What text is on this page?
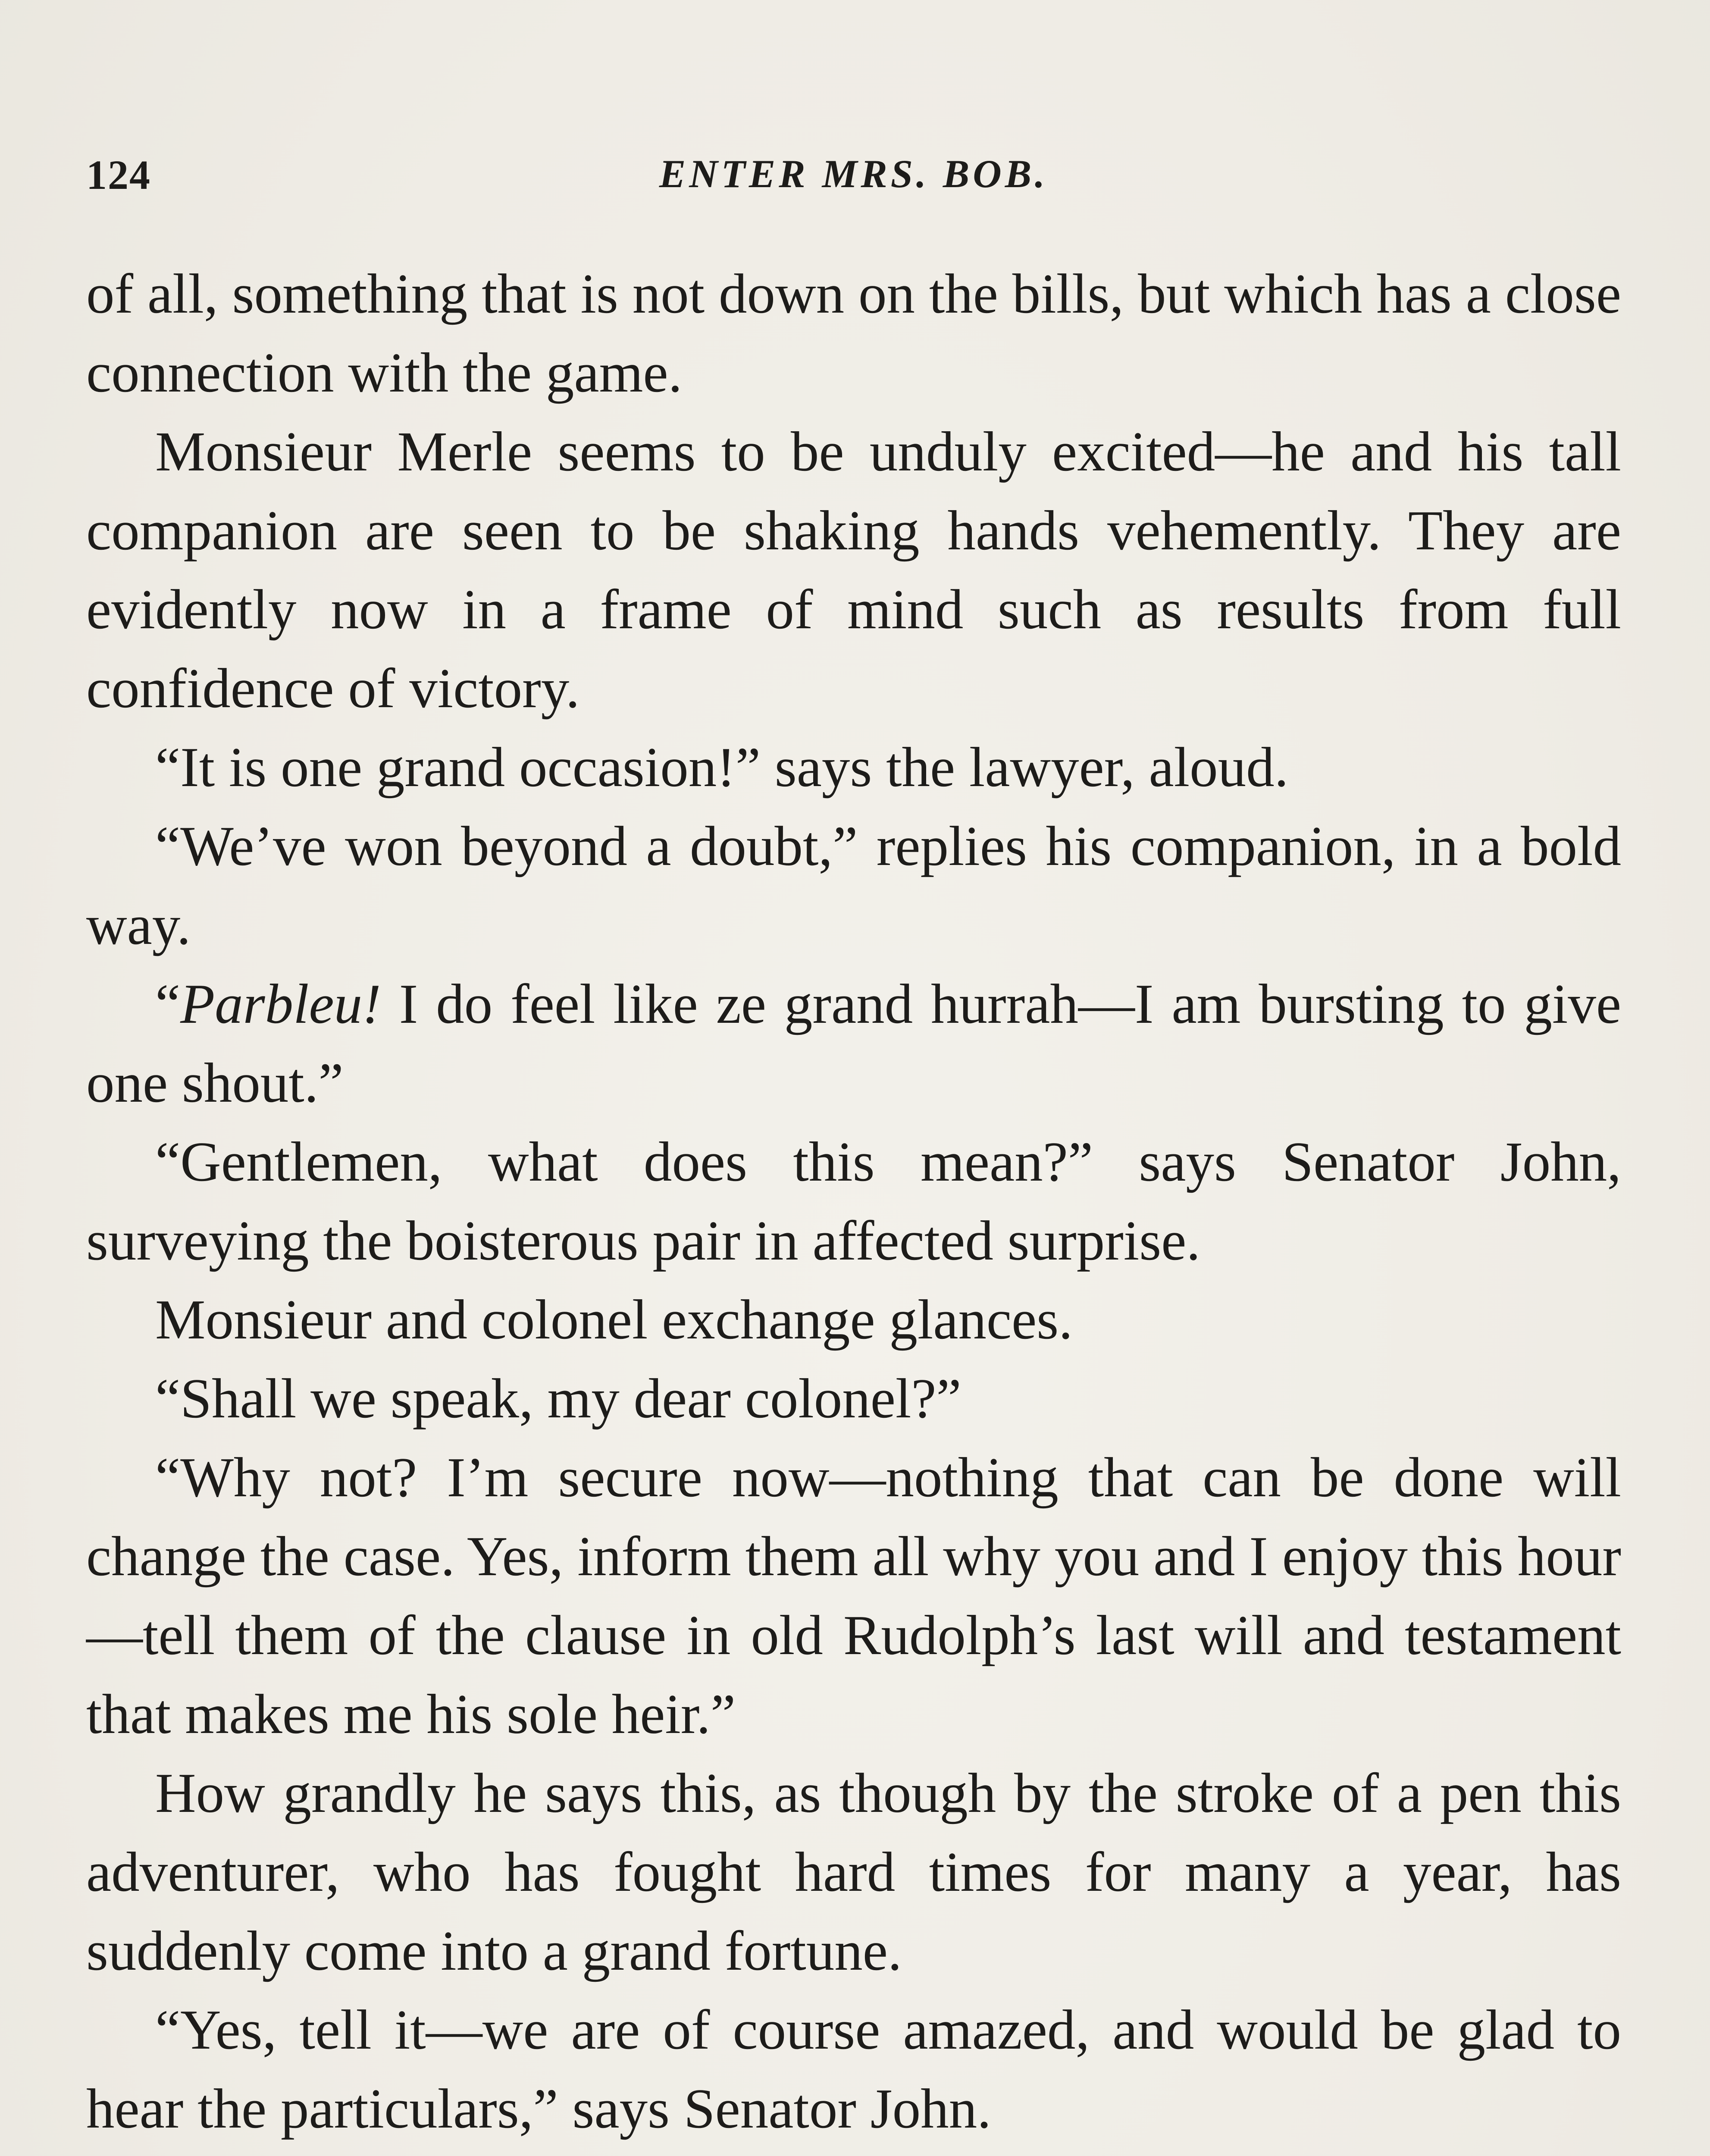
124	ENTER MRS. BOB.

of all, something that is not down on the bills, but which has a close connection with the game.

Monsieur Merle seems to be unduly excited—he and his tall companion are seen to be shaking hands vehemently. They are evidently now in a frame of mind such as results from full confidence of victory.

“It is one grand occasion!” says the lawyer, aloud.

“We’ve won beyond a doubt,” replies his companion, in a bold way.

“Parbleu! I do feel like ze grand hurrah—I am bursting to give one shout.”

“Gentlemen, what does this mean?” says Senator John, surveying the boisterous pair in affected surprise.

Monsieur and colonel exchange glances.

“Shall we speak, my dear colonel?”

“Why not? I’m secure now—nothing that can be done will change the case. Yes, inform them all why you and I enjoy this hour—tell them of the clause in old Rudolph’s last will and testament that makes me his sole heir.”

How grandly he says this, as though by the stroke of a pen this adventurer, who has fought hard times for many a year, has suddenly come into a grand fortune.

“Yes, tell it—we are of course amazed, and would be glad to hear the particulars,” says Senator John.
